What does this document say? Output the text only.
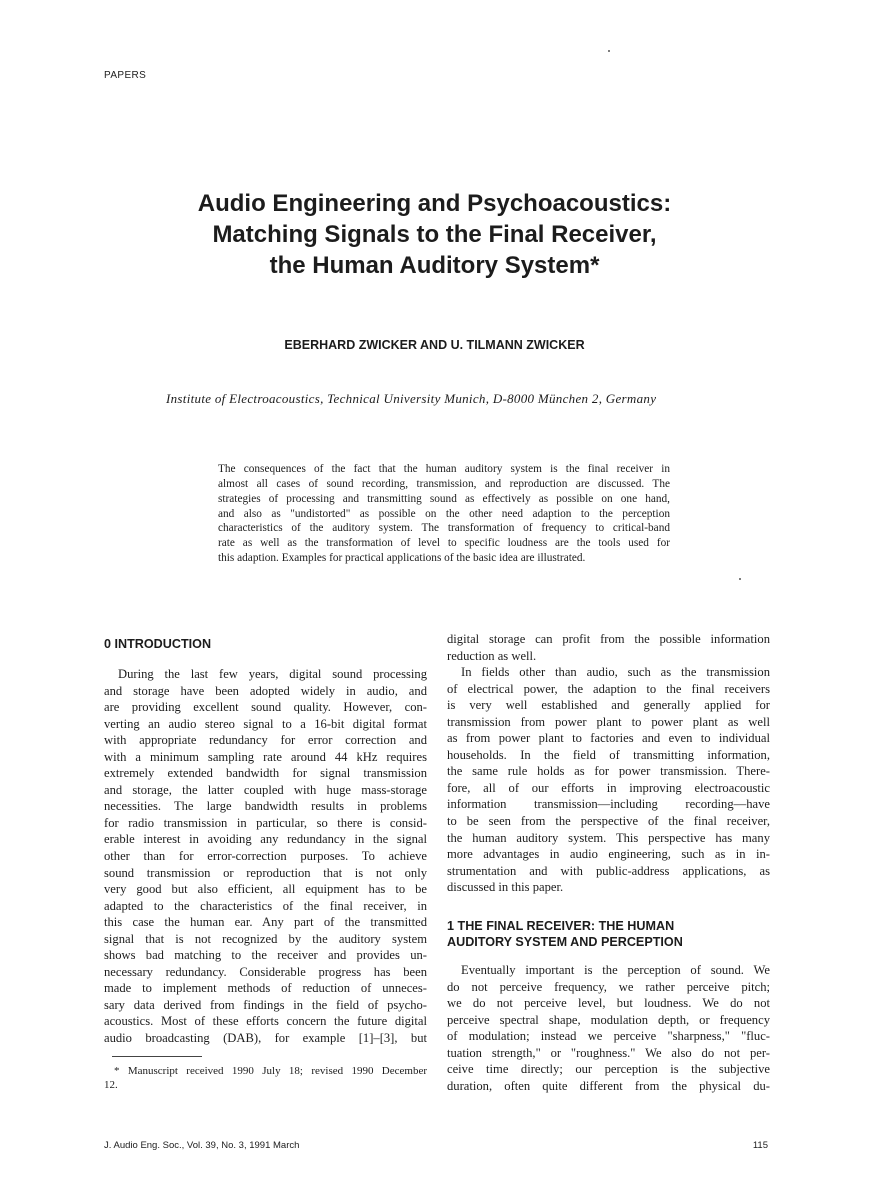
PAPERS
Audio Engineering and Psychoacoustics:
Matching Signals to the Final Receiver,
the Human Auditory System*
EBERHARD ZWICKER AND U. TILMANN ZWICKER
Institute of Electroacoustics, Technical University Munich, D-8000 München 2, Germany
The consequences of the fact that the human auditory system is the final receiver in
almost all cases of sound recording, transmission, and reproduction are discussed. The
strategies of processing and transmitting sound as effectively as possible on one hand,
and also as "undistorted" as possible on the other need adaption to the perception
characteristics of the auditory system. The transformation of frequency to critical-band
rate as well as the transformation of level to specific loudness are the tools used for
this adaption. Examples for practical applications of the basic idea are illustrated.
0 INTRODUCTION
During the last few years, digital sound processing
and storage have been adopted widely in audio, and
are providing excellent sound quality. However, con-
verting an audio stereo signal to a 16-bit digital format
with appropriate redundancy for error correction and
with a minimum sampling rate around 44 kHz requires
extremely extended bandwidth for signal transmission
and storage, the latter coupled with huge mass-storage
necessities. The large bandwidth results in problems
for radio transmission in particular, so there is consid-
erable interest in avoiding any redundancy in the signal
other than for error-correction purposes. To achieve
sound transmission or reproduction that is not only
very good but also efficient, all equipment has to be
adapted to the characteristics of the final receiver, in
this case the human ear. Any part of the transmitted
signal that is not recognized by the auditory system
shows bad matching to the receiver and provides un-
necessary redundancy. Considerable progress has been
made to implement methods of reduction of unneces-
sary data derived from findings in the field of psycho-
acoustics. Most of these efforts concern the future digital
audio broadcasting (DAB), for example [1]–[3], but
* Manuscript received 1990 July 18; revised 1990 December
12.
digital storage can profit from the possible information
reduction as well.
In fields other than audio, such as the transmission
of electrical power, the adaption to the final receivers
is very well established and generally applied for
transmission from power plant to power plant as well
as from power plant to factories and even to individual
households. In the field of transmitting information,
the same rule holds as for power transmission. There-
fore, all of our efforts in improving electroacoustic
information transmission—including recording—have
to be seen from the perspective of the final receiver,
the human auditory system. This perspective has many
more advantages in audio engineering, such as in in-
strumentation and with public-address applications, as
discussed in this paper.
1 THE FINAL RECEIVER: THE HUMAN
AUDITORY SYSTEM AND PERCEPTION
Eventually important is the perception of sound. We
do not perceive frequency, we rather perceive pitch;
we do not perceive level, but loudness. We do not
perceive spectral shape, modulation depth, or frequency
of modulation; instead we perceive "sharpness," "fluc-
tuation strength," or "roughness." We also do not per-
ceive time directly; our perception is the subjective
duration, often quite different from the physical du-
J. Audio Eng. Soc., Vol. 39, No. 3, 1991 March	115
